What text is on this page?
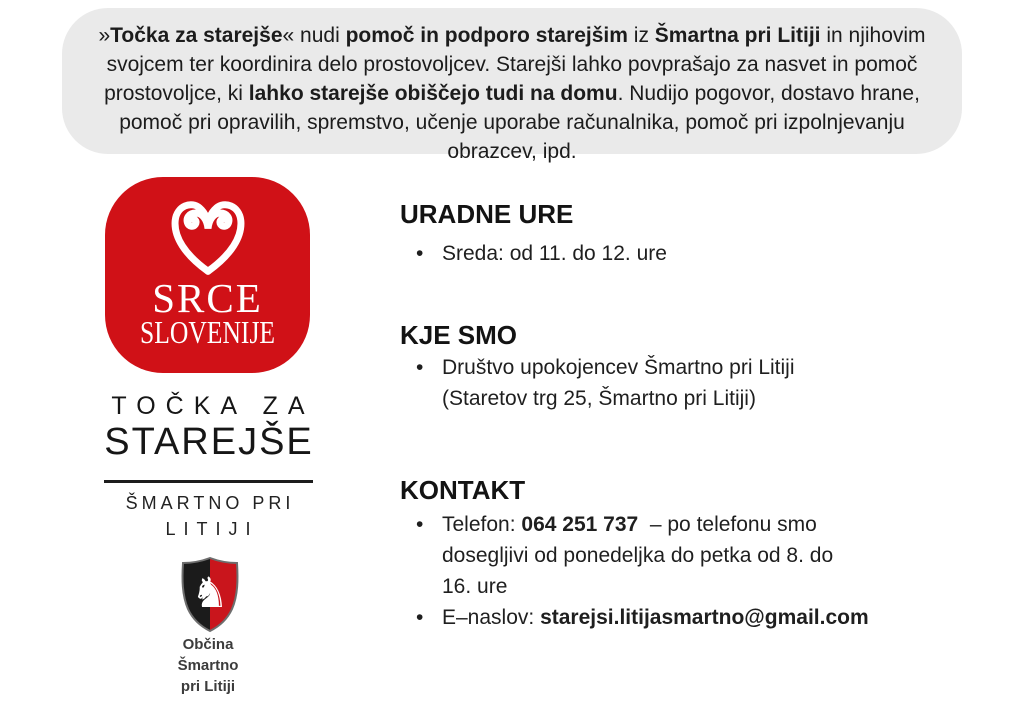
»Točka za starejše« nudi pomoč in podporo starejšim iz Šmartna pri Litiji in njihovim
svojcem ter koordinira delo prostovoljcev. Starejši lahko povprašajo za nasvet in pomoč
prostovoljce, ki lahko starejše obiščejo tudi na domu. Nudijo pogovor, dostavo hrane,
pomoč pri opravilih, spremstvo, učenje uporabe računalnika, pomoč pri izpolnjevanju
obrazcev, ipd.
SRCE
SLOVENIJE
TOČKA ZA
STAREJŠE
ŠMARTNO PRI
LITIJI
♞
Občina
Šmartno
pri Litiji
URADNE URE
• Sreda: od 11. do 12. ure
KJE SMO
• Društvo upokojencev Šmartno pri Litiji
(Staretov trg 25, Šmartno pri Litiji)
KONTAKT
• Telefon: 064 251 737  – po telefonu smo
dosegljivi od ponedeljka do petka od 8. do
16. ure
• E–naslov: starejsi.litijasmartno@gmail.com
